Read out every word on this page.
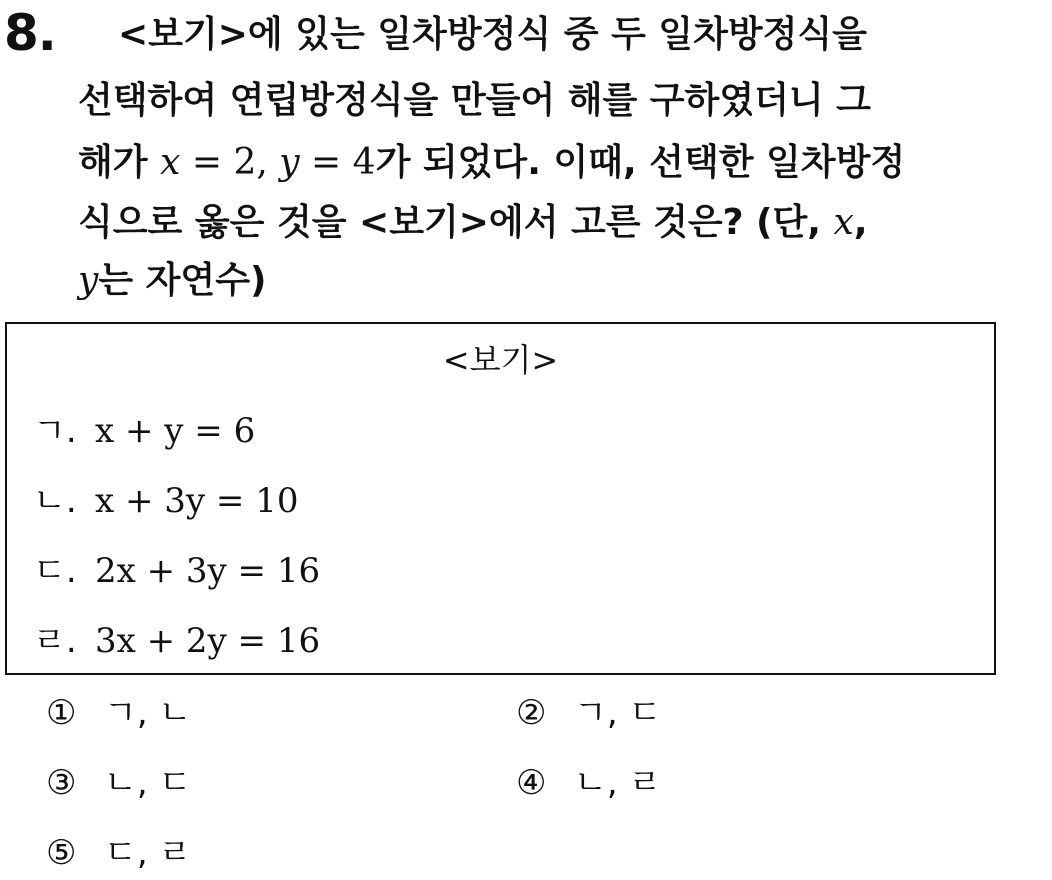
8. <보기>에 있는 일차방정식 중 두 일차방정식을
선택하여 연립방정식을 만들어 해를 구하였더니 그
해가 x = 2, y = 4가 되었다. 이때, 선택한 일차방정
식으로 옳은 것을 <보기>에서 고른 것은? (단, x,
y는 자연수)
<보기>
ㄱ. x + y = 6
ㄴ. x + 3y = 10
ㄷ. 2x + 3y = 16
ㄹ. 3x + 2y = 16
① ㄱ, ㄴ	② ㄱ, ㄷ
③ ㄴ, ㄷ	④ ㄴ, ㄹ
⑤ ㄷ, ㄹ
